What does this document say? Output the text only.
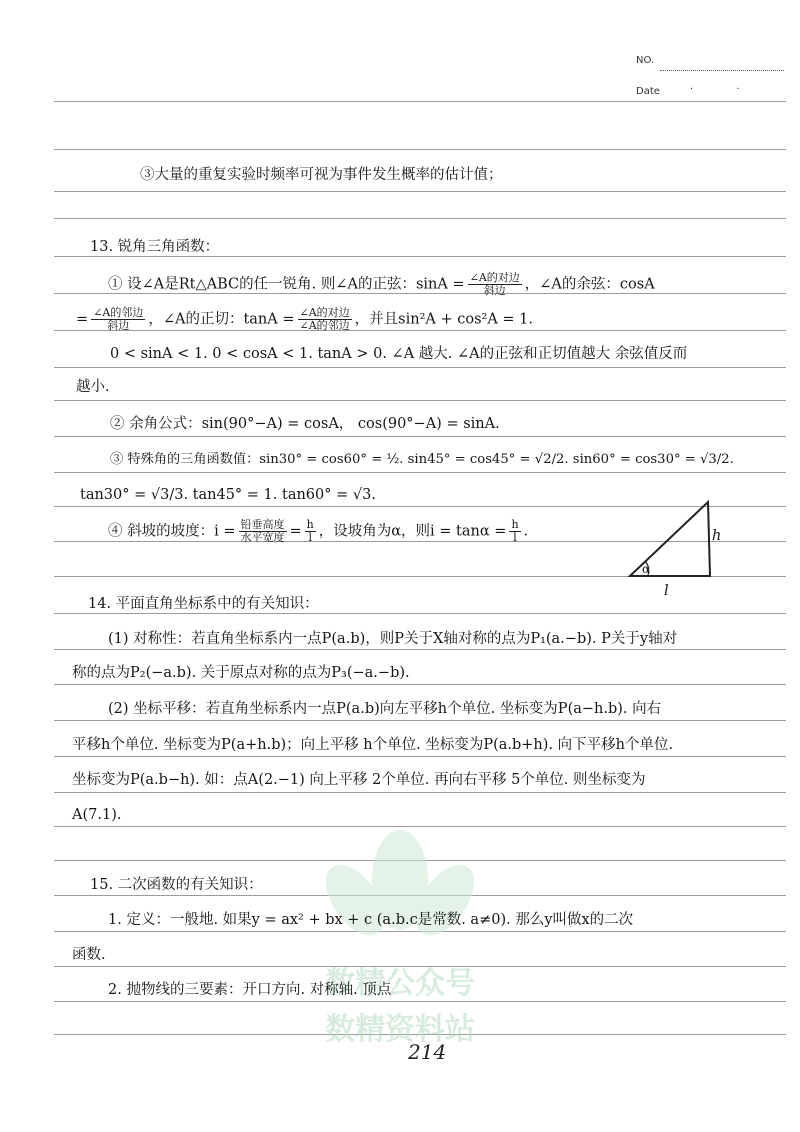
NO.
Date	· ·
数精公众号
数精资料站
③大量的重复实验时频率可视为事件发生概率的估计值；
13. 锐角三角函数：
① 设∠A是Rt△ABC的任一锐角. 则∠A的正弦：$\sin A = \frac{\text{∠A的对边}}{\text{斜边}}$ ，∠A的余弦：cosA
= $\frac{\text{∠A的邻边}}{\text{斜边}}$ ，∠A的正切：$\tan A = \frac{\text{∠A的对边}}{\text{∠A的邻边}}$ ，并且sin²A + cos²A = 1.
0 < sinA < 1. 0 < cosA < 1. tanA > 0. ∠A 越大. ∠A的正弦和正切值越大 余弦值反而
越小.
② 余角公式：sin(90°−A) = cosA， cos(90°−A) = sinA.
③ 特殊角的三角函数值：sin30° = cos60° = ½. sin45° = cos45° = √2/2. sin60° = cos30° = √3/2.
tan30° = √3/3. tan45° = 1. tan60° = √3.
④ 斜坡的坡度：$i = \frac{\text{铅垂高度}}{\text{水平宽度}} = \frac{h}{l}$ ，设坡角为α，则$i = \tan\alpha = \frac{h}{l}$ .	h
l
α
14. 平面直角坐标系中的有关知识：
(1) 对称性：若直角坐标系内一点P(a.b)，则P关于X轴对称的点为P₁(a.−b). P关于y轴对
称的点为P₂(−a.b). 关于原点对称的点为P₃(−a.−b).
(2) 坐标平移：若直角坐标系内一点P(a.b)向左平移h个单位. 坐标变为P(a−h.b). 向右
平移h个单位. 坐标变为P(a+h.b)；向上平移 h个单位. 坐标变为P(a.b+h). 向下平移h个单位.
坐标变为P(a.b−h). 如：点A(2.−1) 向上平移 2个单位. 再向右平移 5个单位. 则坐标变为
A(7.1).
15. 二次函数的有关知识：
1. 定义：一般地. 如果y = ax² + bx + c (a.b.c是常数. a≠0). 那么y叫做x的二次
函数.
2. 抛物线的三要素：开口方向. 对称轴. 顶点
214
